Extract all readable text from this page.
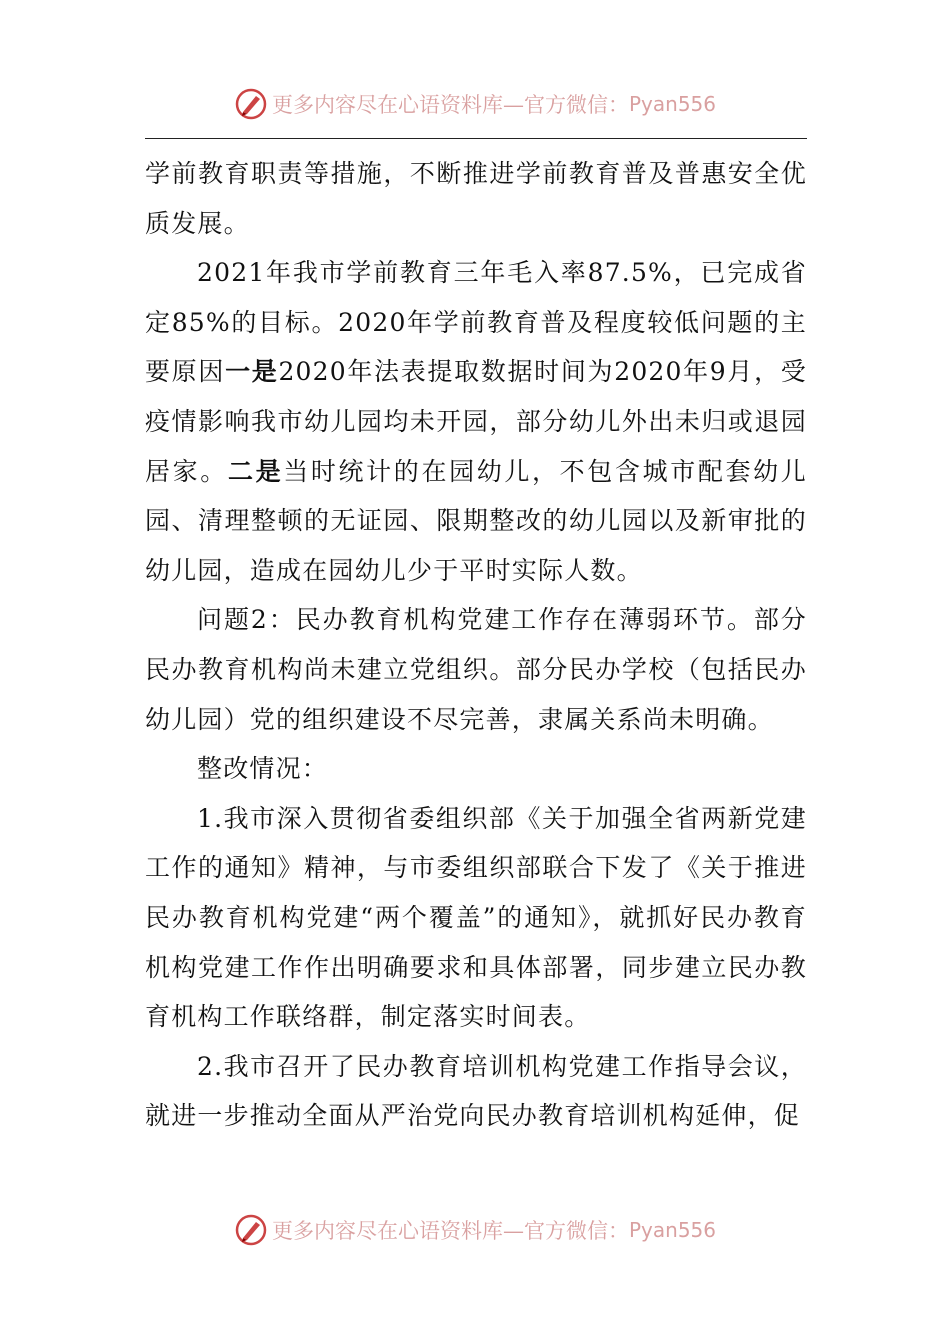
更多内容尽在心语资料库—官方微信： Pyan556

学前教育职责等措施，不断推进学前教育普及普惠安全优质发展。

2021年我市学前教育三年毛入率87.5%，已完成省定85%的目标。2020年学前教育普及程度较低问题的主要原因一是2020年法表提取数据时间为2020年9月，受疫情影响我市幼儿园均未开园，部分幼儿外出未归或退园居家。二是当时统计的在园幼儿，不包含城市配套幼儿园、清理整顿的无证园、限期整改的幼儿园以及新审批的幼儿园，造成在园幼儿少于平时实际人数。

问题2：民办教育机构党建工作存在薄弱环节。部分民办教育机构尚未建立党组织。部分民办学校（包括民办幼儿园）党的组织建设不尽完善，隶属关系尚未明确。

整改情况：

1.我市深入贯彻省委组织部《关于加强全省两新党建工作的通知》精神，与市委组织部联合下发了《关于推进民办教育机构党建“两个覆盖”的通知》，就抓好民办教育机构党建工作作出明确要求和具体部署，同步建立民办教育机构工作联络群，制定落实时间表。

2.我市召开了民办教育培训机构党建工作指导会议，就进一步推动全面从严治党向民办教育培训机构延伸，促

更多内容尽在心语资料库—官方微信： Pyan556
